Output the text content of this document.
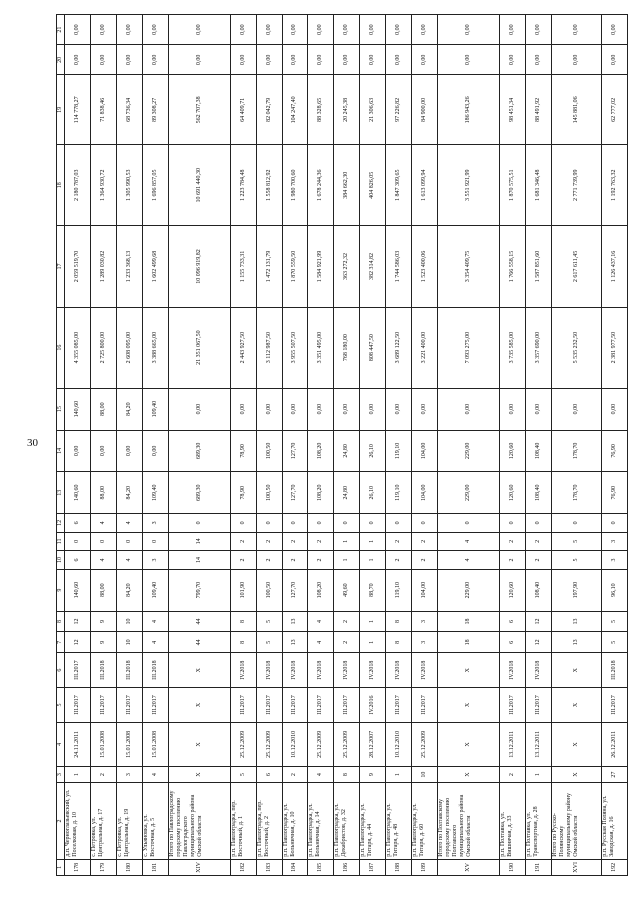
30
1	2	3	4	5	6	7	8	9	10	11	12	13	14	15	16	17	18	19	20	21
178	д.п. Черноглазьевский, ул. Поселковая, д. 10	1	24.11.2011	III.2017	III.2017	12	12	140,60	6	0	6	140,60	0,00	140,60	4 355 085,00	2 059 519,70	2 180 787,03	114 778,27	0,00	0,00
179	с. Петровка, ул. Центральная, д. 17	2	15.01.2008	III.2017	III.2018	9	9	88,00	4	0	4	88,00	0,00	88,00	2 725 800,00	1 289 030,82	1 364 930,72	71 838,46	0,00	0,00
180	с. Петровка, ул. Центральная, д. 19	3	15.01.2008	III.2017	III.2018	10	10	84,20	4	0	4	84,20	0,00	84,20	2 608 095,00	1 233 368,13	1 305 990,53	68 736,34	0,00	0,00
181	с. Ульяновка, ул. Восточная, д. 5	4	15.01.2008	III.2017	III.2018	4	4	109,40	3	0	3	109,40	0,00	109,40	3 388 665,00	1 602 499,68	1 696 857,05	89 308,27	0,00	0,00
XIV	Итого по Павлоградскому городскому поселению Павлоградского муниципального района Омской области	X	X	X	X	44	44	799,70	14	14	0	689,30	689,30	0,00	21 351 067,50	10 096 919,82	10 691 440,30	562 707,38	0,00	0,00
182	р.п. Павлоградка, пер. Восточный, д. 1	5	25.12.2009	III.2017	IV.2018	8	8	101,90	2	2	0	78,90	78,90	0,00	2 443 927,50	1 155 733,31	1 223 784,48	64 409,71	0,00	0,00
183	р.п. Павлоградка, пер. Восточный, д. 2	6	25.12.2009	III.2017	IV.2018	5	5	100,50	2	2	0	100,50	100,50	0,00	3 112 987,50	1 472 131,79	1 558 812,92	82 042,79	0,00	0,00
184	р.п. Павлоградка, ул. Больничная, д. 10	2	10.12.2010	III.2017	IV.2018	13	13	127,70	2	2	0	127,70	127,70	0,00	3 955 507,50	1 870 559,50	1 980 700,60	104 247,40	0,00	0,00
185	р.п. Павлоградка, ул. Больничная, д. 14	4	25.12.2009	III.2017	IV.2018	4	4	108,20	2	2	0	108,20	108,20	0,00	3 351 495,00	1 584 921,99	1 678 244,36	88 328,65	0,00	0,00
186	р.п. Павлоградка, ул. Декабристов, д. 32	8	25.12.2009	III.2017	IV.2018	2	2	49,60	1	1	0	24,80	24,80	0,00	768 180,00	363 272,32	384 662,30	20 245,38	0,00	0,00
187	р.п. Павлоградка, ул. Титаря, д. 44	9	28.12.2007	IV.2016	IV.2018	1	1	88,70	1	1	0	26,10	26,10	0,00	808 447,50	382 314,82	404 826,05	21 306,63	0,00	0,00
188	р.п. Павлоградка, ул. Титаря, д. 48	1	10.12.2010	III.2017	IV.2018	8	8	119,10	2	2	0	119,10	119,10	0,00	3 689 122,50	1 744 586,03	1 847 309,65	97 226,82	0,00	0,00
189	р.п. Павлоградка, ул. Титаря, д. 60	10	25.12.2009	III.2017	IV.2018	3	3	104,00	2	2	0	104,00	104,00	0,00	3 221 400,00	1 523 400,06	1 613 099,94	84 900,00	0,00	0,00
XV	Итого по Полтавскому городскому поселению Полтавского муниципального района Омской области	X	X	X	X	18	18	229,00	4	4	0	229,00	229,00	0,00	7 093 275,00	3 354 409,75	3 551 921,99	186 943,26	0,00	0,00
190	р.п. Полтавка, ул. Вишнячая, д. 33	2	13.12.2011	III.2017	IV.2018	6	6	120,60	2	2	0	120,60	120,60	0,00	3 735 585,00	1 766 558,15	1 870 575,51	98 451,34	0,00	0,00
191	р.п. Полтавка, ул. Транспортная, д. 28	1	13.12.2011	III.2017	IV.2018	12	12	108,40	2	2	0	108,40	108,40	0,00	3 357 690,00	1 587 851,60	1 681 346,48	88 491,92	0,00	0,00
XVI	Итого по Русско-Полянскому муниципальному району Омской области	X	X	X	X	13	13	197,90	5	5	0	178,70	178,70	0,00	5 535 232,50	2 617 611,45	2 771 739,99	145 881,06	0,00	0,00
192	р.п. Русская Поляна, ул. Заводская, д. 16	27	26.12.2011	III.2017	III.2018	5	5	96,10	3	3	0	76,90	76,90	0,00	2 381 977,50	1 126 437,16	1 192 763,32	62 777,02	0,00	0,00
